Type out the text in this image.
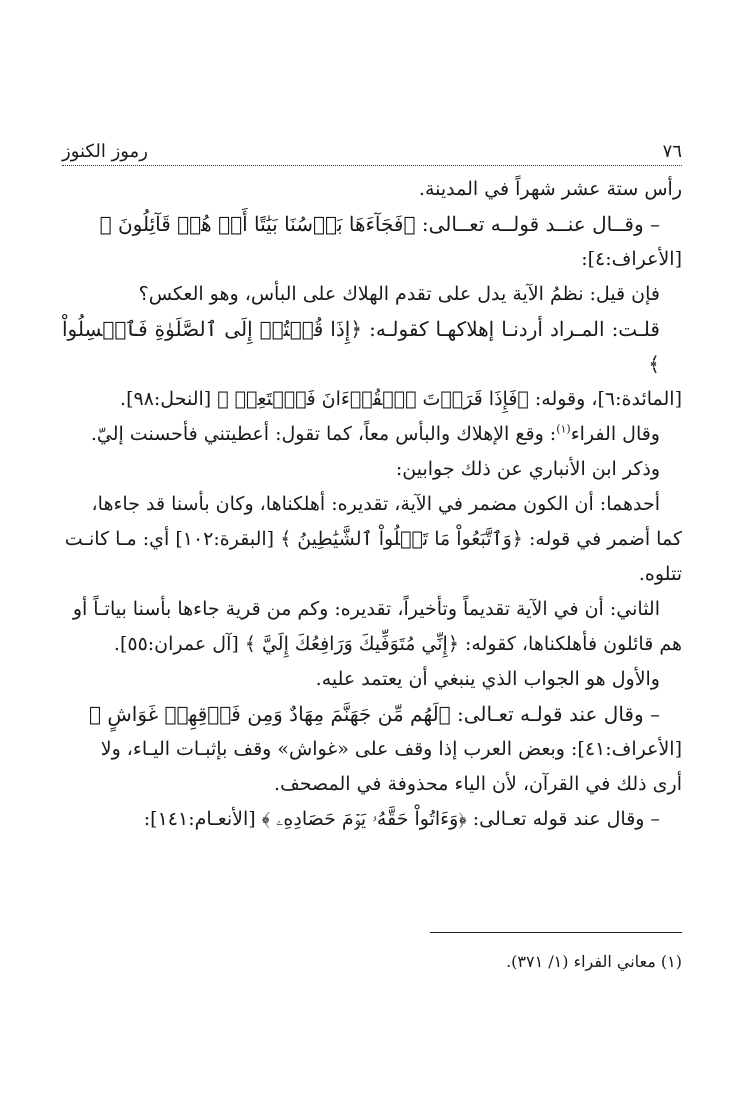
٧٦
رموز الكنوز

رأس ستة عشر شهراً في المدينة.

– وقــال عنــد قولــه تعــالى: ﴿فَجَآءَهَا بَأۡسُنَا بَيَٰتًا أَوۡ هُمۡ قَآئِلُونَ ﴾

[الأعراف:٤]:

فإن قيل: نظمُ الآية يدل على تقدم الهلاك على البأس، وهو العكس؟

قلـت: المـراد أردنـا إهلاكهـا كقولـه: ﴿إِذَا قُمۡتُمۡ إِلَى ٱلصَّلَوٰةِ فَٱغۡسِلُواْ ﴾

[المائدة:٦]، وقوله: ﴿فَإِذَا قَرَأۡتَ ٱلۡقُرۡءَانَ فَٱسۡتَعِذۡ ﴾ [النحل:٩٨].

وقال الفراء$^{(١)}$: وقع الإهلاك والبأس معاً، كما تقول: أعطيتني فأحسنت إليّ.

وذكر ابن الأنباري عن ذلك جوابين:

أحدهما: أن الكون مضمر في الآية، تقديره: أهلكناها، وكان بأسنا قد جاءها،

كما أضمر في قوله: ﴿وَٱتَّبَعُواْ مَا تَتۡلُواْ ٱلشَّيَٰطِينُ ﴾ [البقرة:١٠٢] أي: مـا كانـت

تتلوه.

الثاني: أن في الآية تقديماً وتأخيراً، تقديره: وكم من قرية جاءها بأسنا بياتـاً أو

هم قائلون فأهلكناها، كقوله: ﴿إِنِّي مُتَوَفِّيكَ وَرَافِعُكَ إِلَيَّ ﴾ [آل عمران:٥٥].

والأول هو الجواب الذي ينبغي أن يعتمد عليه.

– وقال عند قولـه تعـالى: ﴿لَهُم مِّن جَهَنَّمَ مِهَادٌ وَمِن فَوۡقِهِمۡ غَوَاشٍ ﴾

[الأعراف:٤١]: وبعض العرب إذا وقف على «غواش» وقف بإثبـات اليـاء، ولا

أرى ذلك في القرآن، لأن الياء محذوفة في المصحف.

– وقال عند قوله تعـالى: ﴿وَءَاتُواْ حَقَّهُۥ يَوۡمَ حَصَادِهِۦ ﴾ [الأنعـام:١٤١]:

(١) معاني الفراء (١/ ٣٧١).
